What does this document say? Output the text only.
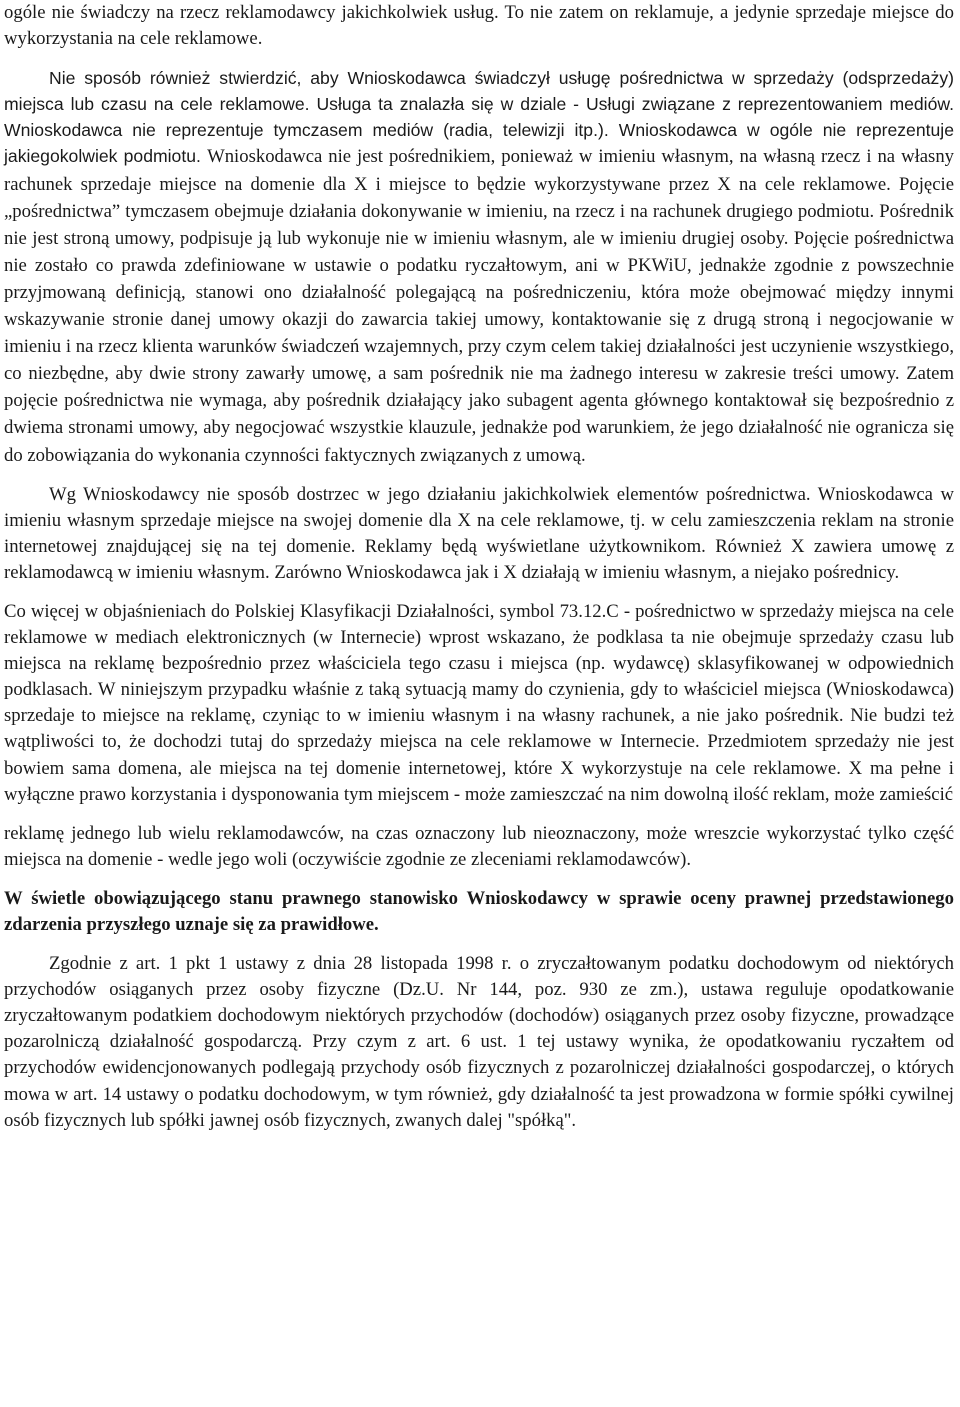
ogóle nie świadczy na rzecz reklamodawcy jakichkolwiek usług. To nie zatem on reklamuje, a jedynie sprzedaje miejsce do wykorzystania na cele reklamowe.

Nie sposób również stwierdzić, aby Wnioskodawca świadczył usługę pośrednictwa w sprzedaży (odsprzedaży) miejsca lub czasu na cele reklamowe. Usługa ta znalazła się w dziale - Usługi związane z reprezentowaniem mediów. Wnioskodawca nie reprezentuje tymczasem mediów (radia, telewizji itp.). Wnioskodawca w ogóle nie reprezentuje jakiegokolwiek podmiotu. Wnioskodawca nie jest pośrednikiem, ponieważ w imieniu własnym, na własną rzecz i na własny rachunek sprzedaje miejsce na domenie dla X i miejsce to będzie wykorzystywane przez X na cele reklamowe. Pojęcie „pośrednictwa” tymczasem obejmuje działania dokonywanie w imieniu, na rzecz i na rachunek drugiego podmiotu. Pośrednik nie jest stroną umowy, podpisuje ją lub wykonuje nie w imieniu własnym, ale w imieniu drugiej osoby. Pojęcie pośrednictwa nie zostało co prawda zdefiniowane w ustawie o podatku ryczałtowym, ani w PKWiU, jednakże zgodnie z powszechnie przyjmowaną definicją, stanowi ono działalność polegającą na pośredniczeniu, która może obejmować między innymi wskazywanie stronie danej umowy okazji do zawarcia takiej umowy, kontaktowanie się z drugą stroną i negocjowanie w imieniu i na rzecz klienta warunków świadczeń wzajemnych, przy czym celem takiej działalności jest uczynienie wszystkiego, co niezbędne, aby dwie strony zawarły umowę, a sam pośrednik nie ma żadnego interesu w zakresie treści umowy. Zatem pojęcie pośrednictwa nie wymaga, aby pośrednik działający jako subagent agenta głównego kontaktował się bezpośrednio z dwiema stronami umowy, aby negocjować wszystkie klauzule, jednakże pod warunkiem, że jego działalność nie ogranicza się do zobowiązania do wykonania czynności faktycznych związanych z umową.

Wg Wnioskodawcy nie sposób dostrzec w jego działaniu jakichkolwiek elementów pośrednictwa. Wnioskodawca w imieniu własnym sprzedaje miejsce na swojej domenie dla X na cele reklamowe, tj. w celu zamieszczenia reklam na stronie internetowej znajdującej się na tej domenie. Reklamy będą wyświetlane użytkownikom. Również X zawiera umowę z reklamodawcą w imieniu własnym. Zarówno Wnioskodawca jak i X działają w imieniu własnym, a niejako pośrednicy.

Co więcej w objaśnieniach do Polskiej Klasyfikacji Działalności, symbol 73.12.C - pośrednictwo w sprzedaży miejsca na cele reklamowe w mediach elektronicznych (w Internecie) wprost wskazano, że podklasa ta nie obejmuje sprzedaży czasu lub miejsca na reklamę bezpośrednio przez właściciela tego czasu i miejsca (np. wydawcę) sklasyfikowanej w odpowiednich podklasach. W niniejszym przypadku właśnie z taką sytuacją mamy do czynienia, gdy to właściciel miejsca (Wnioskodawca) sprzedaje to miejsce na reklamę, czyniąc to w imieniu własnym i na własny rachunek, a nie jako pośrednik. Nie budzi też wątpliwości to, że dochodzi tutaj do sprzedaży miejsca na cele reklamowe w Internecie. Przedmiotem sprzedaży nie jest bowiem sama domena, ale miejsca na tej domenie internetowej, które X wykorzystuje na cele reklamowe. X ma pełne i wyłączne prawo korzystania i dysponowania tym miejscem - może zamieszczać na nim dowolną ilość reklam, może zamieścić

reklamę jednego lub wielu reklamodawców, na czas oznaczony lub nieoznaczony, może wreszcie wykorzystać tylko część miejsca na domenie - wedle jego woli (oczywiście zgodnie ze zleceniami reklamodawców).

W świetle obowiązującego stanu prawnego stanowisko Wnioskodawcy w sprawie oceny prawnej przedstawionego zdarzenia przyszłego uznaje się za prawidłowe.

Zgodnie z art. 1 pkt 1 ustawy z dnia 28 listopada 1998 r. o zryczałtowanym podatku dochodowym od niektórych przychodów osiąganych przez osoby fizyczne (Dz.U. Nr 144, poz. 930 ze zm.), ustawa reguluje opodatkowanie zryczałtowanym podatkiem dochodowym niektórych przychodów (dochodów) osiąganych przez osoby fizyczne, prowadzące pozarolniczą działalność gospodarczą. Przy czym z art. 6 ust. 1 tej ustawy wynika, że opodatkowaniu ryczałtem od przychodów ewidencjonowanych podlegają przychody osób fizycznych z pozarolniczej działalności gospodarczej, o których mowa w art. 14 ustawy o podatku dochodowym, w tym również, gdy działalność ta jest prowadzona w formie spółki cywilnej osób fizycznych lub spółki jawnej osób fizycznych, zwanych dalej "spółką".
